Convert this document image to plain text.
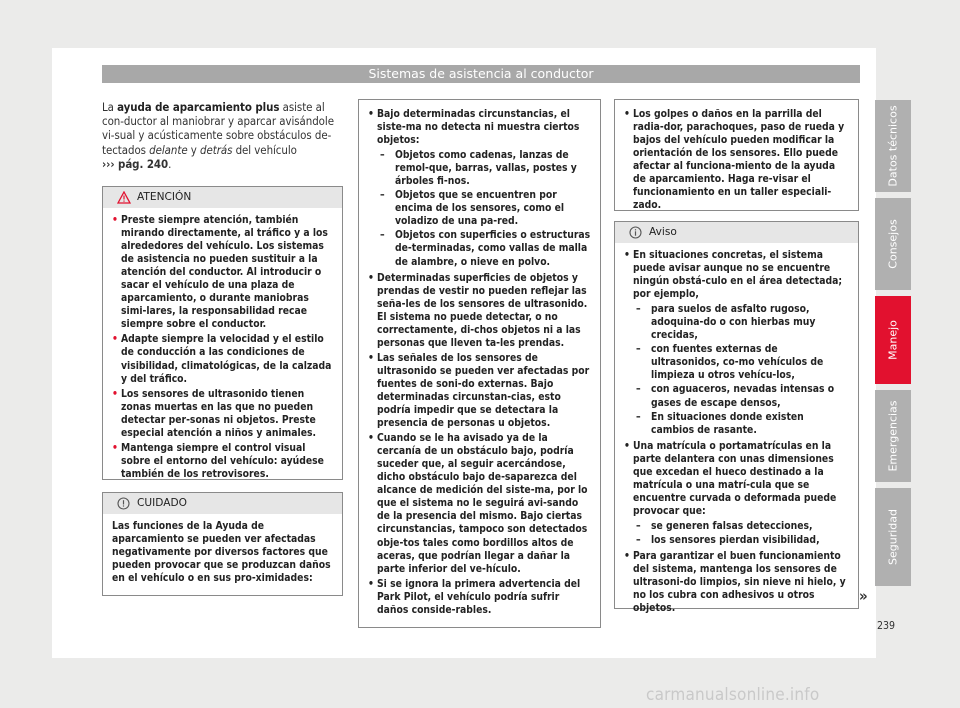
Sistemas de asistencia al conductor
La ayuda de aparcamiento plus asiste al con-ductor al maniobrar y aparcar avisándole vi-sual y acústicamente sobre obstáculos de-tectados delante y detrás del vehículo
››› pág. 240.
ATENCIÓN
• Preste siempre atención, también mirando directamente, al tráfico y a los alrededores del vehículo. Los sistemas de asistencia no pueden sustituir a la atención del conductor. Al introducir o sacar el vehículo de una plaza de aparcamiento, o durante maniobras simi-lares, la responsabilidad recae siempre sobre el conductor.
• Adapte siempre la velocidad y el estilo de conducción a las condiciones de visibilidad, climatológicas, de la calzada y del tráfico.
• Los sensores de ultrasonido tienen zonas muertas en las que no pueden detectar per-sonas ni objetos. Preste especial atención a niños y animales.
• Mantenga siempre el control visual sobre el entorno del vehículo: ayúdese también de los retrovisores.
CUIDADO
Las funciones de la Ayuda de aparcamiento se pueden ver afectadas negativamente por diversos factores que pueden provocar que se produzcan daños en el vehículo o en sus pro-ximidades:
• Bajo determinadas circunstancias, el siste-ma no detecta ni muestra ciertos objetos:
– Objetos como cadenas, lanzas de remol-que, barras, vallas, postes y árboles fi-nos.
– Objetos que se encuentren por encima de los sensores, como el voladizo de una pa-red.
– Objetos con superficies o estructuras de-terminadas, como vallas de malla de alambre, o nieve en polvo.
• Determinadas superficies de objetos y prendas de vestir no pueden reflejar las seña-les de los sensores de ultrasonido. El sistema no puede detectar, o no correctamente, di-chos objetos ni a las personas que lleven ta-les prendas.
• Las señales de los sensores de ultrasonido se pueden ver afectadas por fuentes de soni-do externas. Bajo determinadas circunstan-cias, esto podría impedir que se detectara la presencia de personas u objetos.
• Cuando se le ha avisado ya de la cercanía de un obstáculo bajo, podría suceder que, al seguir acercándose, dicho obstáculo bajo de-saparezca del alcance de medición del siste-ma, por lo que el sistema no le seguirá avi-sando de la presencia del mismo. Bajo ciertas circunstancias, tampoco son detectados obje-tos tales como bordillos altos de aceras, que podrían llegar a dañar la parte inferior del ve-hículo.
• Si se ignora la primera advertencia del Park Pilot, el vehículo podría sufrir daños conside-rables.
• Los golpes o daños en la parrilla del radia-dor, parachoques, paso de rueda y bajos del vehículo pueden modificar la orientación de los sensores. Ello puede afectar al funciona-miento de la ayuda de aparcamiento. Haga re-visar el funcionamiento en un taller especiali-zado.
Aviso
• En situaciones concretas, el sistema puede avisar aunque no se encuentre ningún obstá-culo en el área detectada; por ejemplo,
– para suelos de asfalto rugoso, adoquina-do o con hierbas muy crecidas,
– con fuentes externas de ultrasonidos, co-mo vehículos de limpieza u otros vehícu-los,
– con aguaceros, nevadas intensas o gases de escape densos,
– En situaciones donde existen cambios de rasante.
• Una matrícula o portamatrículas en la parte delantera con unas dimensiones que excedan el hueco destinado a la matrícula o una matrí-cula que se encuentre curvada o deformada puede provocar que:
– se generen falsas detecciones,
– los sensores pierdan visibilidad,
• Para garantizar el buen funcionamiento del sistema, mantenga los sensores de ultrasoni-do limpios, sin nieve ni hielo, y no los cubra con adhesivos u otros objetos.
»
Datos técnicos
Consejos
Manejo
Emergencias
Seguridad
239
carmanualsonline.info
